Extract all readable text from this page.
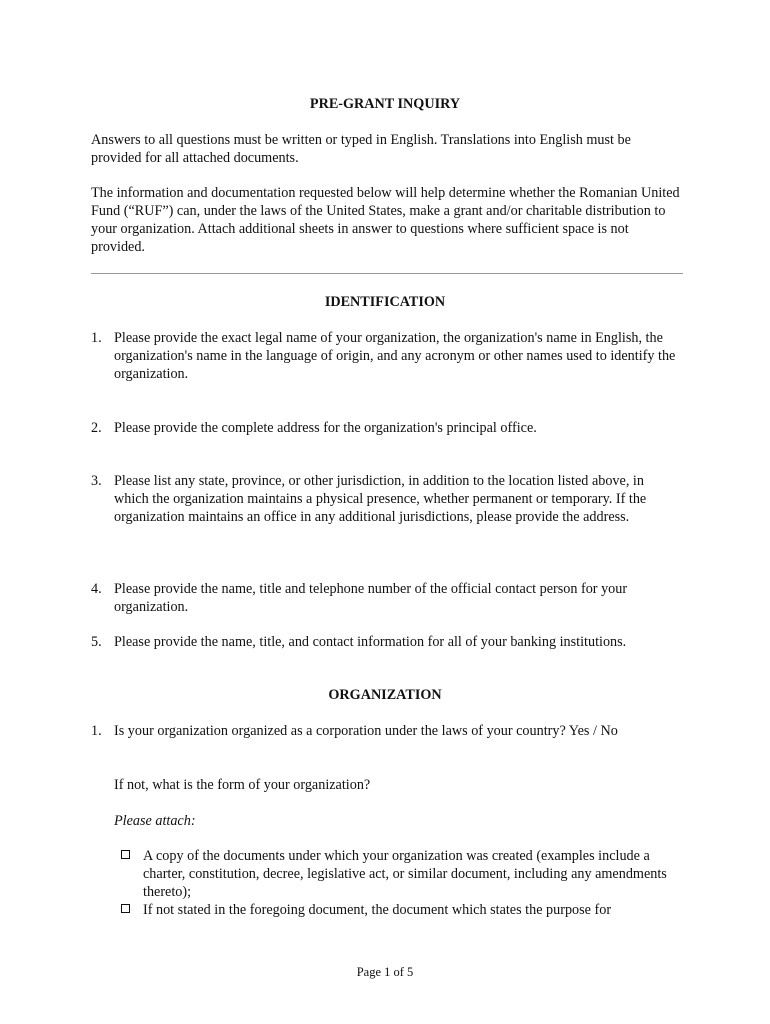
PRE-GRANT INQUIRY
Answers to all questions must be written or typed in English. Translations into English must be provided for all attached documents.
The information and documentation requested below will help determine whether the Romanian United Fund (“RUF”) can, under the laws of the United States, make a grant and/or charitable distribution to your organization. Attach additional sheets in answer to questions where sufficient space is not provided.
IDENTIFICATION
1. Please provide the exact legal name of your organization, the organization's name in English, the organization's name in the language of origin, and any acronym or other names used to identify the organization.
2. Please provide the complete address for the organization's principal office.
3. Please list any state, province, or other jurisdiction, in addition to the location listed above, in which the organization maintains a physical presence, whether permanent or temporary. If the organization maintains an office in any additional jurisdictions, please provide the address.
4. Please provide the name, title and telephone number of the official contact person for your organization.
5. Please provide the name, title, and contact information for all of your banking institutions.
ORGANIZATION
1. Is your organization organized as a corporation under the laws of your country? Yes / No
If not, what is the form of your organization?
Please attach:
A copy of the documents under which your organization was created (examples include a charter, constitution, decree, legislative act, or similar document, including any amendments thereto);
If not stated in the foregoing document, the document which states the purpose for
Page 1 of 5
